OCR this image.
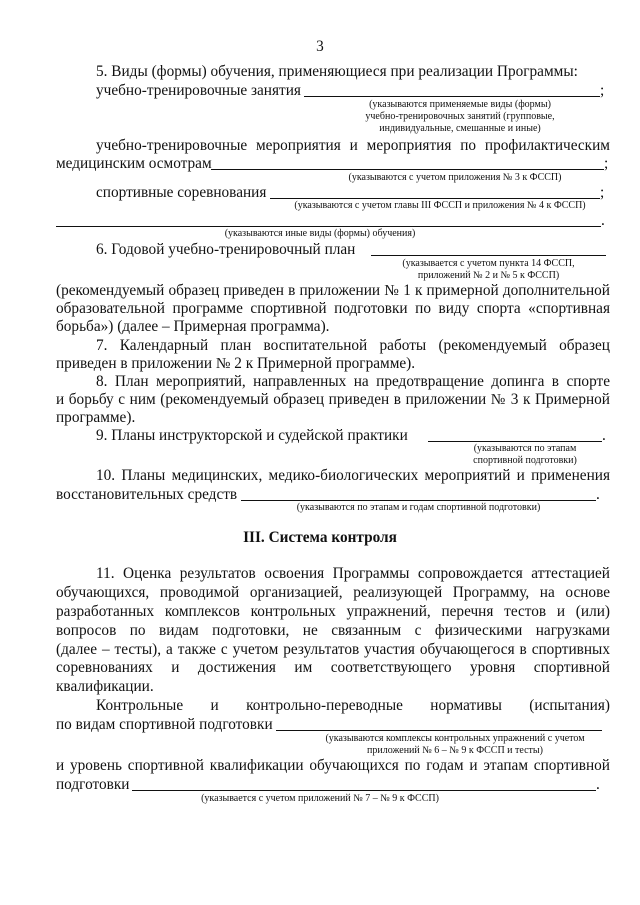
3
5. Виды (формы) обучения, применяющиеся при реализации Программы:
учебно-тренировочные занятия	;
(указываются применяемые виды (формы)
учебно-тренировочных занятий (групповые,
индивидуальные, смешанные и иные)
учебно-тренировочные мероприятия и мероприятия по профилактическим
медицинским осмотрам	;
(указываются с учетом приложения № 3 к ФССП)
спортивные соревнования	;
(указываются с учетом главы III ФССП и приложения № 4 к ФССП)
.
(указываются иные виды (формы) обучения)
6. Годовой учебно-тренировочный план
(указывается с учетом пункта 14 ФССП,
приложений № 2 и № 5 к ФССП)
(рекомендуемый образец приведен в приложении № 1 к примерной дополнительной
образовательной программе спортивной подготовки по виду спорта «спортивная
борьба») (далее – Примерная программа).
7. Календарный план воспитательной работы (рекомендуемый образец
приведен в приложении № 2 к Примерной программе).
8. План мероприятий, направленных на предотвращение допинга в спорте
и борьбу с ним (рекомендуемый образец приведен в приложении № 3 к Примерной
программе).
9. Планы инструкторской и судейской практики	.
(указываются по этапам
спортивной подготовки)
10. Планы медицинских, медико-биологических мероприятий и применения
восстановительных средств	.
(указываются по этапам и годам спортивной подготовки)
III. Система контроля
11. Оценка результатов освоения Программы сопровождается аттестацией
обучающихся, проводимой организацией, реализующей Программу, на основе
разработанных комплексов контрольных упражнений, перечня тестов и (или)
вопросов по видам подготовки, не связанным с физическими нагрузками
(далее – тесты), а также с учетом результатов участия обучающегося в спортивных
соревнованиях и достижения им соответствующего уровня спортивной
квалификации.
Контрольные и контрольно-переводные нормативы (испытания)
по видам спортивной подготовки
(указываются комплексы контрольных упражнений с учетом
приложений № 6 – № 9 к ФССП и тесты)
и уровень спортивной квалификации обучающихся по годам и этапам спортивной
подготовки	.
(указывается с учетом приложений № 7 – № 9 к ФССП)
